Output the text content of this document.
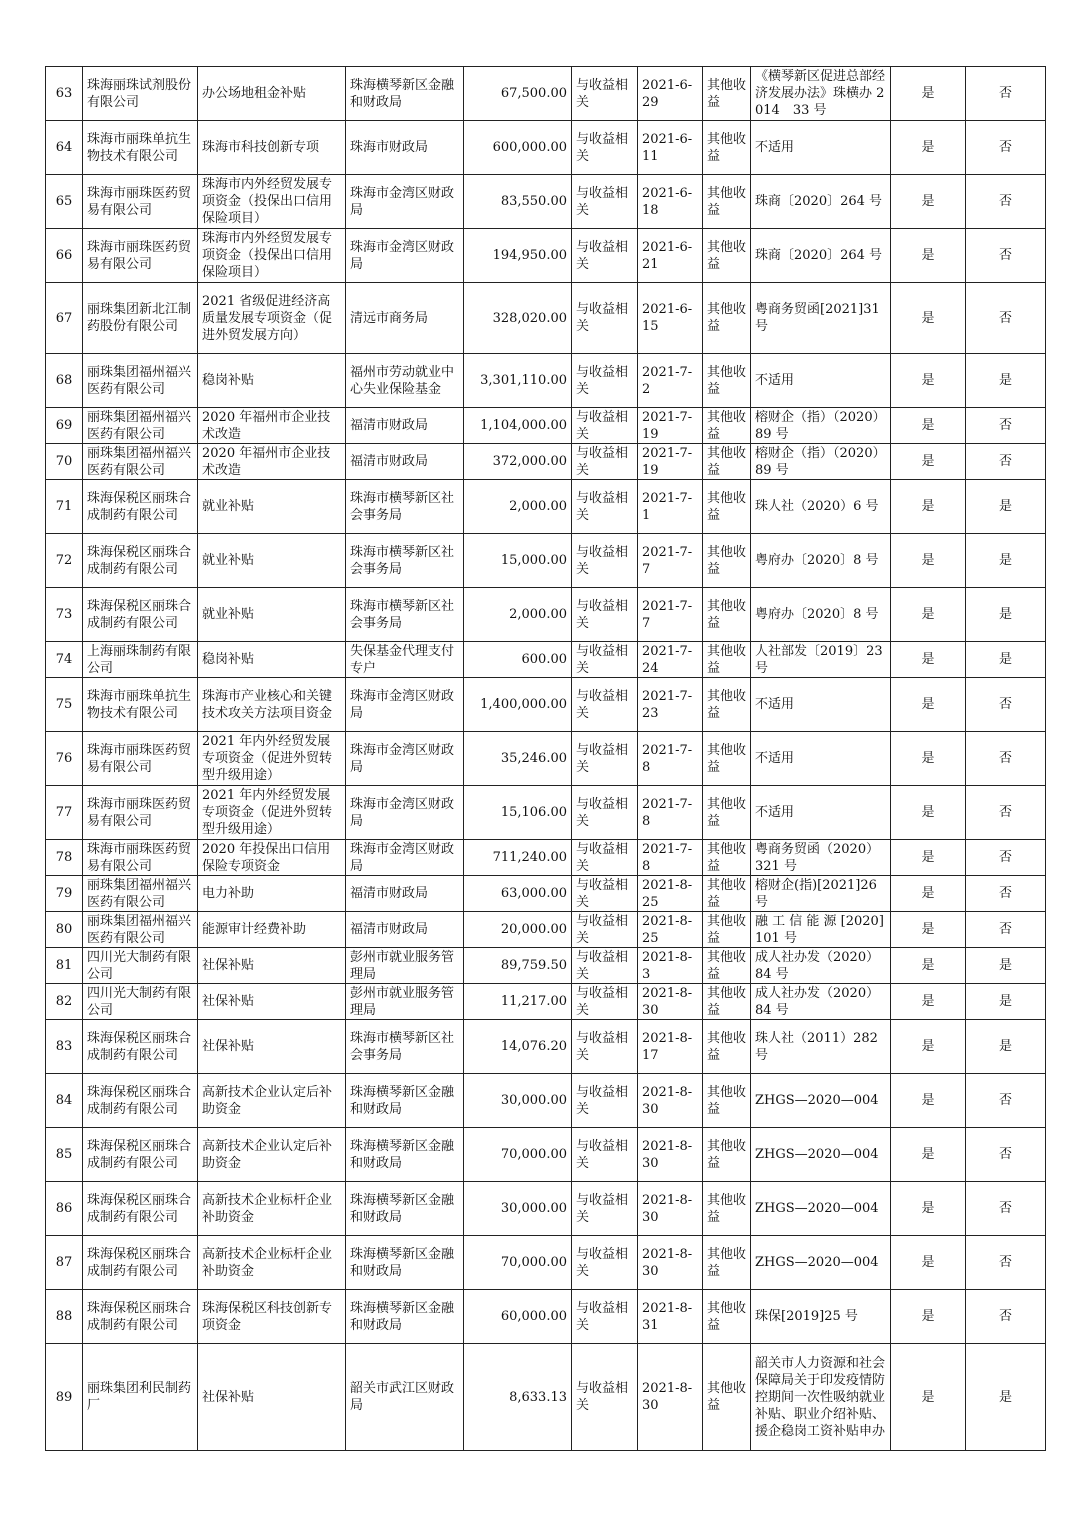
63	珠海丽珠试剂股份有限公司	办公场地租金补贴	珠海横琴新区金融和财政局	67,500.00	与收益相关	2021-6-29	其他收益	《横琴新区促进总部经济发展办法》珠横办 2014　33 号	是	否
64	珠海市丽珠单抗生物技术有限公司	珠海市科技创新专项	珠海市财政局	600,000.00	与收益相关	2021-6-11	其他收益	不适用	是	否
65	珠海市丽珠医药贸易有限公司	珠海市内外经贸发展专项资金（投保出口信用保险项目）	珠海市金湾区财政局	83,550.00	与收益相关	2021-6-18	其他收益	珠商〔2020〕264 号	是	否
66	珠海市丽珠医药贸易有限公司	珠海市内外经贸发展专项资金（投保出口信用保险项目）	珠海市金湾区财政局	194,950.00	与收益相关	2021-6-21	其他收益	珠商〔2020〕264 号	是	否
67	丽珠集团新北江制药股份有限公司	2021 省级促进经济高质量发展专项资金（促进外贸发展方向）	清远市商务局	328,020.00	与收益相关	2021-6-15	其他收益	粤商务贸函[2021]31 号	是	否
68	丽珠集团福州福兴医药有限公司	稳岗补贴	福州市劳动就业中心失业保险基金	3,301,110.00	与收益相关	2021-7-2	其他收益	不适用	是	是
69	丽珠集团福州福兴医药有限公司	2020 年福州市企业技术改造	福清市财政局	1,104,000.00	与收益相关	2021-7-19	其他收益	榕财企（指）（2020）89 号	是	否
70	丽珠集团福州福兴医药有限公司	2020 年福州市企业技术改造	福清市财政局	372,000.00	与收益相关	2021-7-19	其他收益	榕财企（指）（2020）89 号	是	否
71	珠海保税区丽珠合成制药有限公司	就业补贴	珠海市横琴新区社会事务局	2,000.00	与收益相关	2021-7-1	其他收益	珠人社（2020）6 号	是	是
72	珠海保税区丽珠合成制药有限公司	就业补贴	珠海市横琴新区社会事务局	15,000.00	与收益相关	2021-7-7	其他收益	粤府办〔2020〕8 号	是	是
73	珠海保税区丽珠合成制药有限公司	就业补贴	珠海市横琴新区社会事务局	2,000.00	与收益相关	2021-7-7	其他收益	粤府办〔2020〕8 号	是	是
74	上海丽珠制药有限公司	稳岗补贴	失保基金代理支付专户	600.00	与收益相关	2021-7-24	其他收益	人社部发〔2019〕23 号	是	是
75	珠海市丽珠单抗生物技术有限公司	珠海市产业核心和关键技术攻关方法项目资金	珠海市金湾区财政局	1,400,000.00	与收益相关	2021-7-23	其他收益	不适用	是	否
76	珠海市丽珠医药贸易有限公司	2021 年内外经贸发展专项资金（促进外贸转型升级用途）	珠海市金湾区财政局	35,246.00	与收益相关	2021-7-8	其他收益	不适用	是	否
77	珠海市丽珠医药贸易有限公司	2021 年内外经贸发展专项资金（促进外贸转型升级用途）	珠海市金湾区财政局	15,106.00	与收益相关	2021-7-8	其他收益	不适用	是	否
78	珠海市丽珠医药贸易有限公司	2020 年投保出口信用保险专项资金	珠海市金湾区财政局	711,240.00	与收益相关	2021-7-8	其他收益	粤商务贸函（2020）321 号	是	否
79	丽珠集团福州福兴医药有限公司	电力补助	福清市财政局	63,000.00	与收益相关	2021-8-25	其他收益	榕财企(指)[2021]26 号	是	否
80	丽珠集团福州福兴医药有限公司	能源审计经费补助	福清市财政局	20,000.00	与收益相关	2021-8-25	其他收益	融 工 信 能 源 [2020]101 号	是	否
81	四川光大制药有限公司	社保补贴	彭州市就业服务管理局	89,759.50	与收益相关	2021-8-3	其他收益	成人社办发（2020）84 号	是	是
82	四川光大制药有限公司	社保补贴	彭州市就业服务管理局	11,217.00	与收益相关	2021-8-30	其他收益	成人社办发（2020）84 号	是	是
83	珠海保税区丽珠合成制药有限公司	社保补贴	珠海市横琴新区社会事务局	14,076.20	与收益相关	2021-8-17	其他收益	珠人社（2011）282 号	是	是
84	珠海保税区丽珠合成制药有限公司	高新技术企业认定后补助资金	珠海横琴新区金融和财政局	30,000.00	与收益相关	2021-8-30	其他收益	ZHGS—2020—004	是	否
85	珠海保税区丽珠合成制药有限公司	高新技术企业认定后补助资金	珠海横琴新区金融和财政局	70,000.00	与收益相关	2021-8-30	其他收益	ZHGS—2020—004	是	否
86	珠海保税区丽珠合成制药有限公司	高新技术企业标杆企业补助资金	珠海横琴新区金融和财政局	30,000.00	与收益相关	2021-8-30	其他收益	ZHGS—2020—004	是	否
87	珠海保税区丽珠合成制药有限公司	高新技术企业标杆企业补助资金	珠海横琴新区金融和财政局	70,000.00	与收益相关	2021-8-30	其他收益	ZHGS—2020—004	是	否
88	珠海保税区丽珠合成制药有限公司	珠海保税区科技创新专项资金	珠海横琴新区金融和财政局	60,000.00	与收益相关	2021-8-31	其他收益	珠保[2019]25 号	是	否
89	丽珠集团利民制药厂	社保补贴	韶关市武江区财政局	8,633.13	与收益相关	2021-8-30	其他收益	韶关市人力资源和社会保障局关于印发疫情防控期间一次性吸纳就业补贴、职业介绍补贴、援企稳岗工资补贴申办	是	是
